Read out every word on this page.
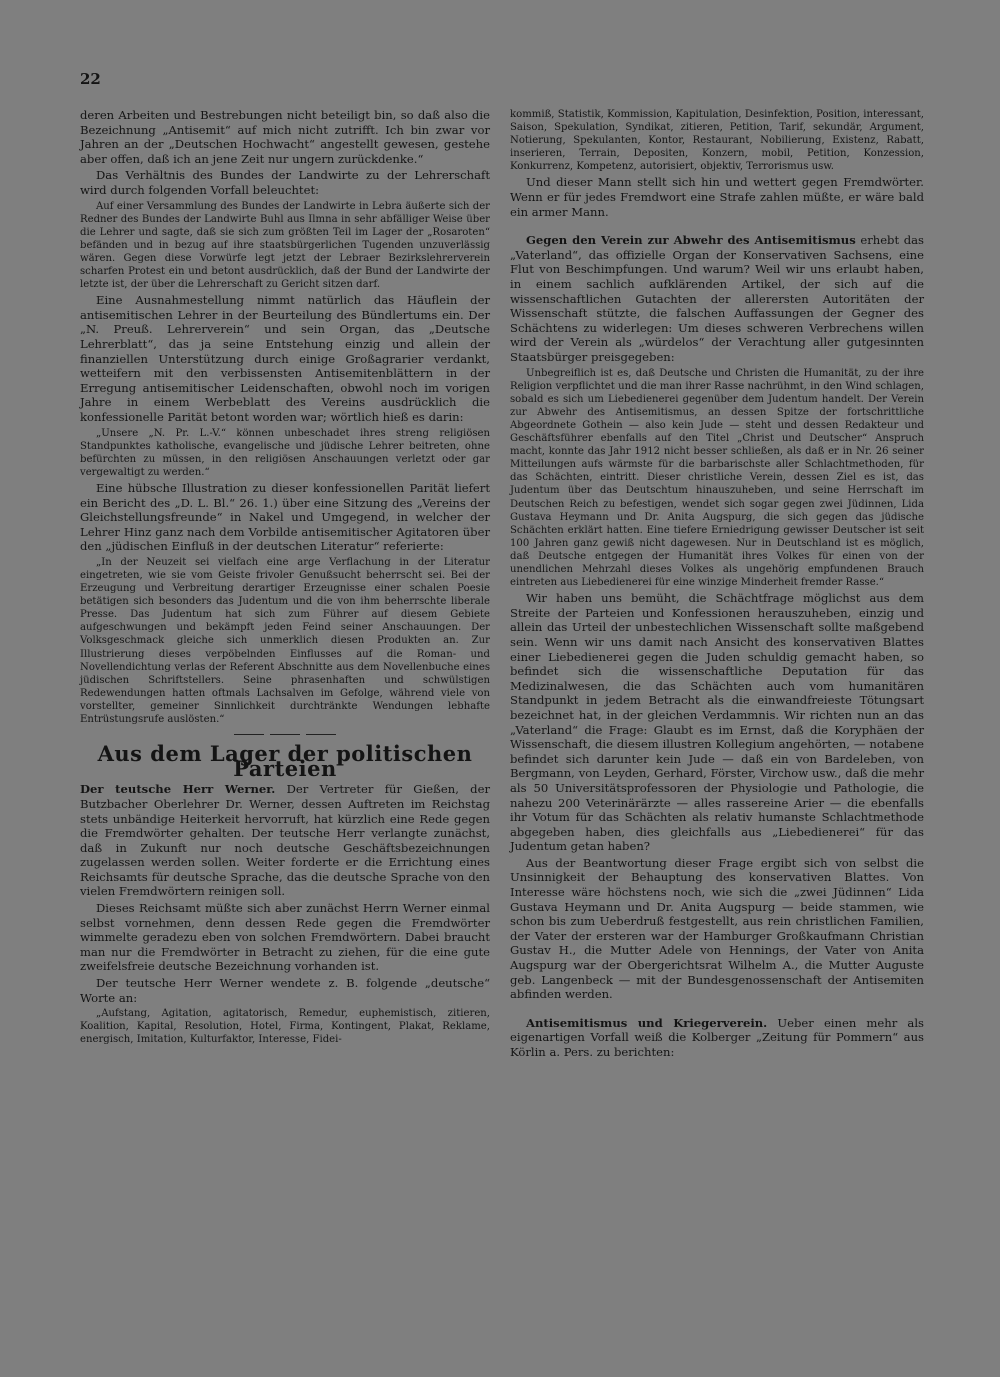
22

deren Arbeiten und Bestrebungen nicht beteiligt bin, so daß also die Bezeichnung „Antisemit“ auf mich nicht zutrifft. Ich bin zwar vor Jahren an der „Deutschen Hochwacht“ angestellt gewesen, gestehe aber offen, daß ich an jene Zeit nur ungern zurückdenke.“

Das Verhältnis des Bundes der Landwirte zu der Lehrerschaft wird durch folgenden Vorfall beleuchtet:

Auf einer Versammlung des Bundes der Landwirte in Lebra äußerte sich der Redner des Bundes der Landwirte Buhl aus Ilmna in sehr abfälliger Weise über die Lehrer und sagte, daß sie sich zum größten Teil im Lager der „Rosaroten“ befänden und in bezug auf ihre staatsbürgerlichen Tugenden unzuverlässig wären. Gegen diese Vorwürfe legt jetzt der Lebraer Bezirkslehrerverein scharfen Protest ein und betont ausdrücklich, daß der Bund der Landwirte der letzte ist, der über die Lehrerschaft zu Gericht sitzen darf.

Eine Ausnahmestellung nimmt natürlich das Häuflein der antisemitischen Lehrer in der Beurteilung des Bündlertums ein. Der „N. Preuß. Lehrerverein“ und sein Organ, das „Deutsche Lehrerblatt“, das ja seine Entstehung einzig und allein der finanziellen Unterstützung durch einige Großagrarier verdankt, wetteifern mit den verbissensten Antisemitenblättern in der Erregung antisemitischer Leidenschaften, obwohl noch im vorigen Jahre in einem Werbeblatt des Vereins ausdrücklich die konfessionelle Parität betont worden war; wörtlich hieß es darin:

„Unsere „N. Pr. L.-V.“ können unbeschadet ihres streng religiösen Standpunktes katholische, evangelische und jüdische Lehrer beitreten, ohne befürchten zu müssen, in den religiösen Anschauungen verletzt oder gar vergewaltigt zu werden.“

Eine hübsche Illustration zu dieser konfessionellen Parität liefert ein Bericht des „D. L. Bl.“ 26. 1.) über eine Sitzung des „Vereins der Gleichstellungsfreunde“ in Nakel und Umgegend, in welcher der Lehrer Hinz ganz nach dem Vorbilde antisemitischer Agitatoren über den „jüdischen Einfluß in der deutschen Literatur“ referierte:

„In der Neuzeit sei vielfach eine arge Verflachung in der Literatur eingetreten, wie sie vom Geiste frivoler Genußsucht beherrscht sei. Bei der Erzeugung und Verbreitung derartiger Erzeugnisse einer schalen Poesie betätigen sich besonders das Judentum und die von ihm beherrschte liberale Presse. Das Judentum hat sich zum Führer auf diesem Gebiete aufgeschwungen und bekämpft jeden Feind seiner Anschauungen. Der Volksgeschmack gleiche sich unmerklich diesen Produkten an. Zur Illustrierung dieses verpöbelnden Einflusses auf die Roman- und Novellendichtung verlas der Referent Abschnitte aus dem Novellenbuche eines jüdischen Schriftstellers. Seine phrasenhaften und schwülstigen Redewendungen hatten oftmals Lachsalven im Gefolge, während viele von vorstellter, gemeiner Sinnlichkeit durchtränkte Wendungen lebhafte Entrüstungsrufe auslösten.“

Aus dem Lager der politischen Parteien

Der teutsche Herr Werner. Der Vertreter für Gießen, der Butzbacher Oberlehrer Dr. Werner, dessen Auftreten im Reichstag stets unbändige Heiterkeit hervorruft, hat kürzlich eine Rede gegen die Fremdwörter gehalten. Der teutsche Herr verlangte zunächst, daß in Zukunft nur noch deutsche Geschäftsbezeichnungen zugelassen werden sollen. Weiter forderte er die Errichtung eines Reichsamts für deutsche Sprache, das die deutsche Sprache von den vielen Fremdwörtern reinigen soll.

Dieses Reichsamt müßte sich aber zunächst Herrn Werner einmal selbst vornehmen, denn dessen Rede gegen die Fremdwörter wimmelte geradezu eben von solchen Fremdwörtern. Dabei braucht man nur die Fremdwörter in Betracht zu ziehen, für die eine gute zweifelsfreie deutsche Bezeichnung vorhanden ist.

Der teutsche Herr Werner wendete z. B. folgende „deutsche“ Worte an:

„Aufstang, Agitation, agitatorisch, Remedur, euphemistisch, zitieren, Koalition, Kapital, Resolution, Hotel, Firma, Kontingent, Plakat, Reklame, energisch, Imitation, Kulturfaktor, Interesse, Fidei-

kommiß, Statistik, Kommission, Kapitulation, Desinfektion, Position, interessant, Saison, Spekulation, Syndikat, zitieren, Petition, Tarif, sekundär, Argument, Notierung, Spekulanten, Kontor, Restaurant, Nobilierung, Existenz, Rabatt, inserieren, Terrain, Depositen, Konzern, mobil, Petition, Konzession, Konkurrenz, Kompetenz, autorisiert, objektiv, Terrorismus usw.

Und dieser Mann stellt sich hin und wettert gegen Fremdwörter. Wenn er für jedes Fremdwort eine Strafe zahlen müßte, er wäre bald ein armer Mann.

Gegen den Verein zur Abwehr des Antisemitismus erhebt das „Vaterland“, das offizielle Organ der Konservativen Sachsens, eine Flut von Beschimpfungen. Und warum? Weil wir uns erlaubt haben, in einem sachlich aufklärenden Artikel, der sich auf die wissenschaftlichen Gutachten der allerersten Autoritäten der Wissenschaft stützte, die falschen Auffassungen der Gegner des Schächtens zu widerlegen: Um dieses schweren Verbrechens willen wird der Verein als „würdelos“ der Verachtung aller gutgesinnten Staatsbürger preisgegeben:

Unbegreiflich ist es, daß Deutsche und Christen die Humanität, zu der ihre Religion verpflichtet und die man ihrer Rasse nachrühmt, in den Wind schlagen, sobald es sich um Liebedienerei gegenüber dem Judentum handelt. Der Verein zur Abwehr des Antisemitismus, an dessen Spitze der fortschrittliche Abgeordnete Gothein — also kein Jude — steht und dessen Redakteur und Geschäftsführer ebenfalls auf den Titel „Christ und Deutscher“ Anspruch macht, konnte das Jahr 1912 nicht besser schließen, als daß er in Nr. 26 seiner Mitteilungen aufs wärmste für die barbarischste aller Schlachtmethoden, für das Schächten, eintritt. Dieser christliche Verein, dessen Ziel es ist, das Judentum über das Deutschtum hinauszuheben, und seine Herrschaft im Deutschen Reich zu befestigen, wendet sich sogar gegen zwei Jüdinnen, Lida Gustava Heymann und Dr. Anita Augspurg, die sich gegen das jüdische Schächten erklärt hatten. Eine tiefere Erniedrigung gewisser Deutscher ist seit 100 Jahren ganz gewiß nicht dagewesen. Nur in Deutschland ist es möglich, daß Deutsche entgegen der Humanität ihres Volkes für einen von der unendlichen Mehrzahl dieses Volkes als ungehörig empfundenen Brauch eintreten aus Liebedienerei für eine winzige Minderheit fremder Rasse.“

Wir haben uns bemüht, die Schächtfrage möglichst aus dem Streite der Parteien und Konfessionen herauszuheben, einzig und allein das Urteil der unbestechlichen Wissenschaft sollte maßgebend sein. Wenn wir uns damit nach Ansicht des konservativen Blattes einer Liebedienerei gegen die Juden schuldig gemacht haben, so befindet sich die wissenschaftliche Deputation für das Medizinalwesen, die das Schächten auch vom humanitären Standpunkt in jedem Betracht als die einwandfreieste Tötungsart bezeichnet hat, in der gleichen Verdammnis. Wir richten nun an das „Vaterland“ die Frage: Glaubt es im Ernst, daß die Koryphäen der Wissenschaft, die diesem illustren Kollegium angehörten, — notabene befindet sich darunter kein Jude — daß ein von Bardeleben, von Bergmann, von Leyden, Gerhard, Förster, Virchow usw., daß die mehr als 50 Universitätsprofessoren der Physiologie und Pathologie, die nahezu 200 Veterinärärzte — alles rassereine Arier — die ebenfalls ihr Votum für das Schächten als relativ humanste Schlachtmethode abgegeben haben, dies gleichfalls aus „Liebedienerei“ für das Judentum getan haben?

Aus der Beantwortung dieser Frage ergibt sich von selbst die Unsinnigkeit der Behauptung des konservativen Blattes. Von Interesse wäre höchstens noch, wie sich die „zwei Jüdinnen“ Lida Gustava Heymann und Dr. Anita Augspurg — beide stammen, wie schon bis zum Ueberdruß festgestellt, aus rein christlichen Familien, der Vater der ersteren war der Hamburger Großkaufmann Christian Gustav H., die Mutter Adele von Hennings, der Vater von Anita Augspurg war der Obergerichtsrat Wilhelm A., die Mutter Auguste geb. Langenbeck — mit der Bundesgenossenschaft der Antisemiten abfinden werden.

Antisemitismus und Kriegerverein. Ueber einen mehr als eigenartigen Vorfall weiß die Kolberger „Zeitung für Pommern“ aus Körlin a. Pers. zu berichten:
